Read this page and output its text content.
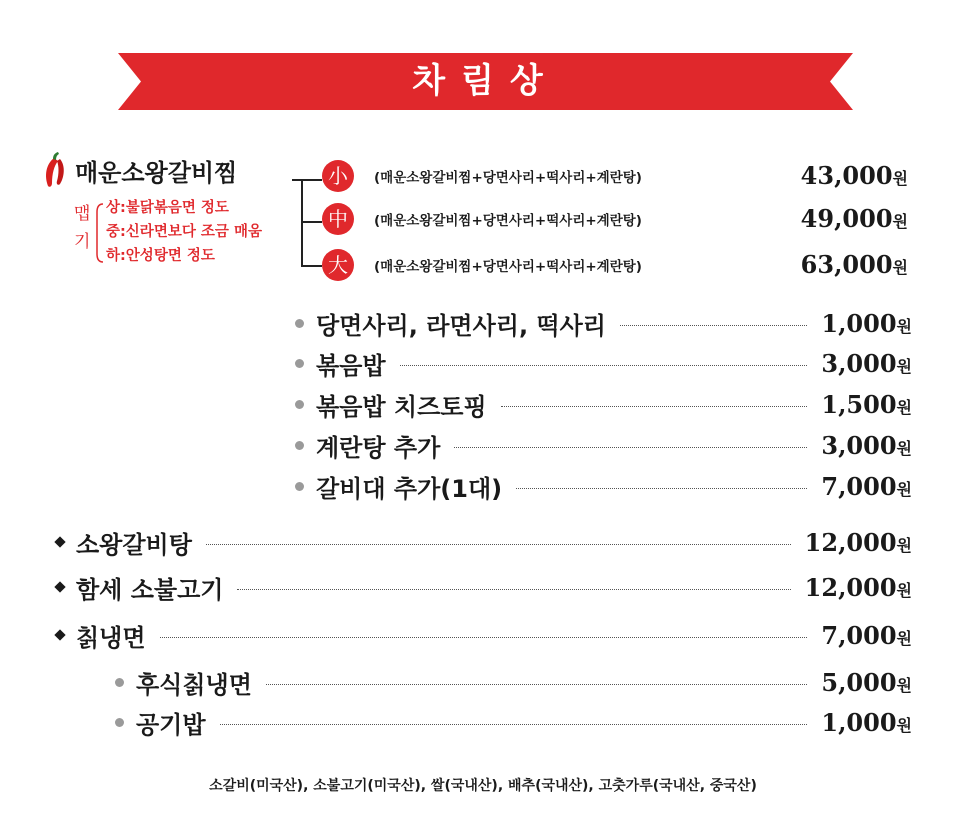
차림상
매운소왕갈비찜
맵기
상:불닭볶음면 정도
중:신라면보다 조금 매움
하:안성탕면 정도
小	(매운소왕갈비찜+당면사리+떡사리+계란탕)	43,000원
中	(매운소왕갈비찜+당면사리+떡사리+계란탕)	49,000원
大	(매운소왕갈비찜+당면사리+떡사리+계란탕)	63,000원
당면사리, 라면사리, 떡사리	1,000원
볶음밥	3,000원
볶음밥 치즈토핑	1,500원
계란탕 추가	3,000원
갈비대 추가(1대)	7,000원
소왕갈비탕	12,000원
함세 소불고기	12,000원
칡냉면	7,000원
후식칡냉면	5,000원
공기밥	1,000원
소갈비(미국산), 소불고기(미국산), 쌀(국내산), 배추(국내산), 고춧가루(국내산, 중국산)
